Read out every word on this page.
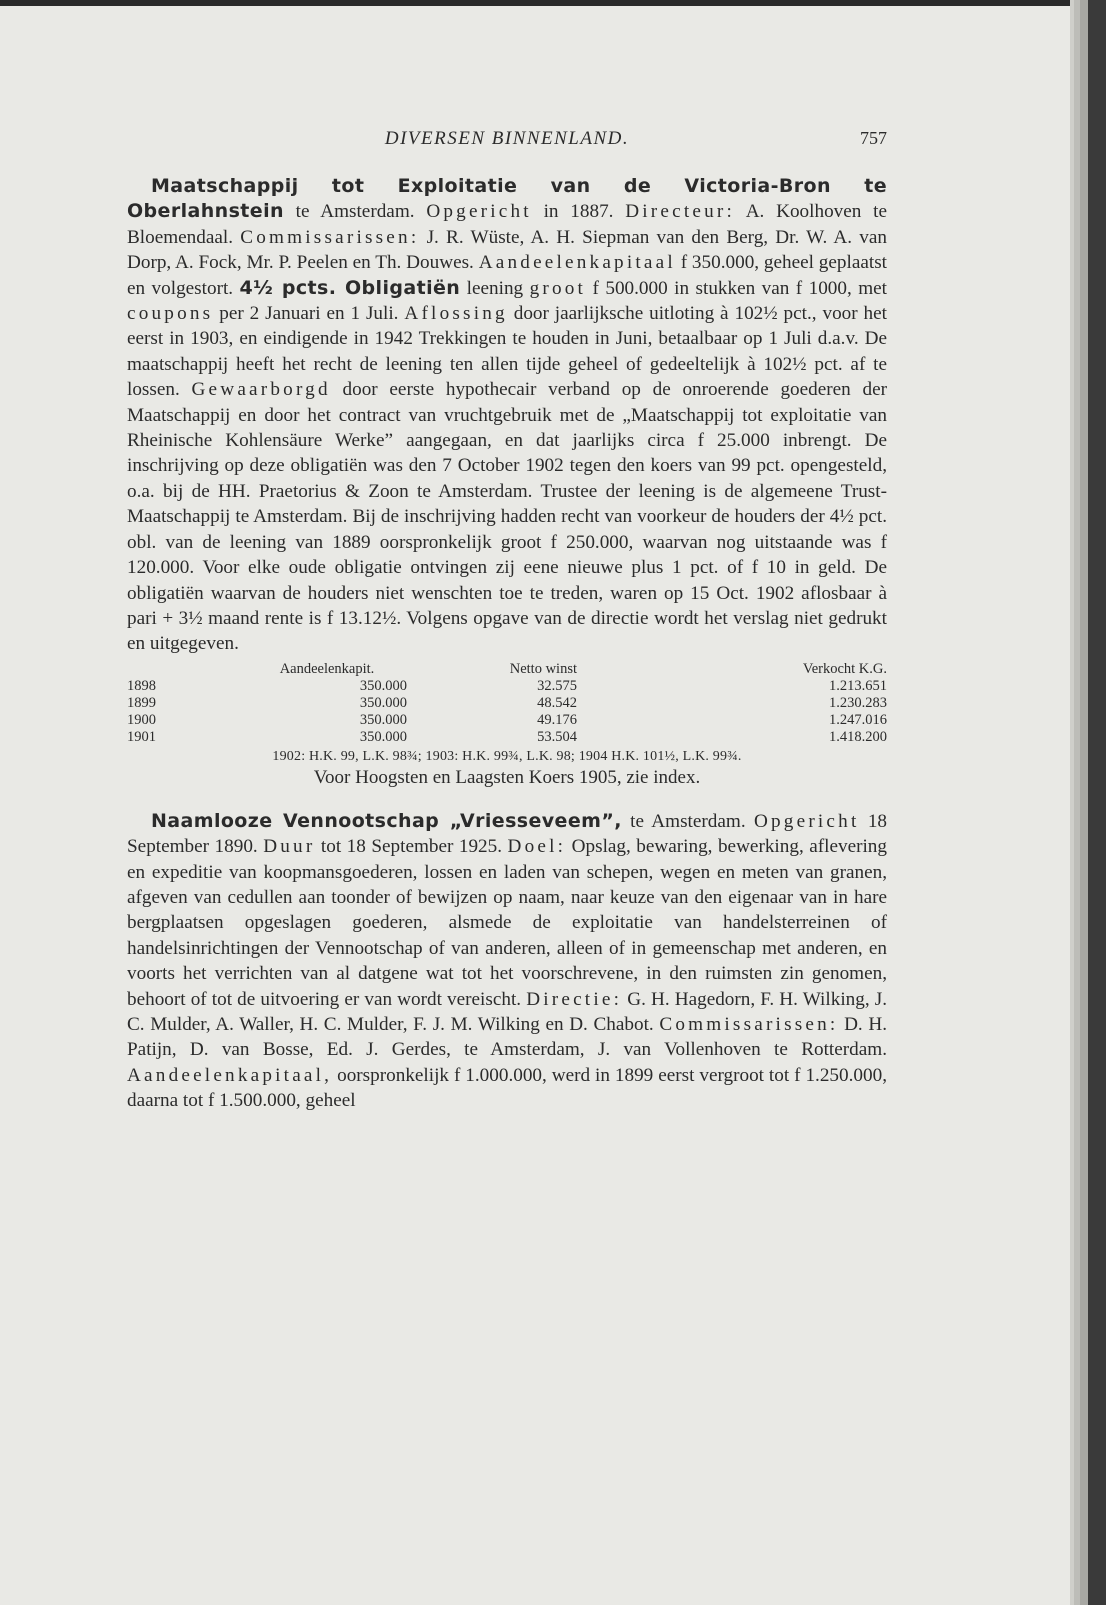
DIVERSEN BINNENLAND.	757

Maatschappij tot Exploitatie van de Victoria-Bron te Oberlahnstein te Amsterdam. Opgericht in 1887. Directeur: A. Koolhoven te Bloemendaal. Commissarissen: J. R. Wüste, A. H. Siepman van den Berg, Dr. W. A. van Dorp, A. Fock, Mr. P. Peelen en Th. Douwes. Aandeelenkapitaal f 350.000, geheel geplaatst en volgestort. 4½ pcts. Obligatiën leening groot f 500.000 in stukken van f 1000, met coupons per 2 Januari en 1 Juli. Aflossing door jaarlijksche uitloting à 102½ pct., voor het eerst in 1903, en eindigende in 1942 Trekkingen te houden in Juni, betaalbaar op 1 Juli d.a.v. De maatschappij heeft het recht de leening ten allen tijde geheel of gedeeltelijk à 102½ pct. af te lossen. Gewaarborgd door eerste hypothecair verband op de onroerende goederen der Maatschappij en door het contract van vruchtgebruik met de „Maatschappij tot exploitatie van Rheinische Kohlensäure Werke” aangegaan, en dat jaarlijks circa f 25.000 inbrengt. De inschrijving op deze obligatiën was den 7 October 1902 tegen den koers van 99 pct. opengesteld, o.a. bij de HH. Praetorius & Zoon te Amsterdam. Trustee der leening is de algemeene Trust-Maatschappij te Amsterdam. Bij de inschrijving hadden recht van voorkeur de houders der 4½ pct. obl. van de leening van 1889 oorspronkelijk groot f 250.000, waarvan nog uitstaande was f 120.000. Voor elke oude obligatie ontvingen zij eene nieuwe plus 1 pct. of f 10 in geld. De obligatiën waarvan de houders niet wenschten toe te treden, waren op 15 Oct. 1902 aflosbaar à pari + 3½ maand rente is f 13.12½. Volgens opgave van de directie wordt het verslag niet gedrukt en uitgegeven.

	Aandeelenkapit.	Netto winst	Verkocht K.G.
1898	350.000	32.575	1.213.651
1899	350.000	48.542	1.230.283
1900	350.000	49.176	1.247.016
1901	350.000	53.504	1.418.200
1902: H.K. 99, L.K. 98¾; 1903: H.K. 99¾, L.K. 98; 1904 H.K. 101½, L.K. 99¾.
Voor Hoogsten en Laagsten Koers 1905, zie index.

Naamlooze Vennootschap „Vriesseveem”, te Amsterdam. Opgericht 18 September 1890. Duur tot 18 September 1925. Doel: Opslag, bewaring, bewerking, aflevering en expeditie van koopmansgoederen, lossen en laden van schepen, wegen en meten van granen, afgeven van cedullen aan toonder of bewijzen op naam, naar keuze van den eigenaar van in hare bergplaatsen opgeslagen goederen, alsmede de exploitatie van handelsterreinen of handelsinrichtingen der Vennootschap of van anderen, alleen of in gemeenschap met anderen, en voorts het verrichten van al datgene wat tot het voorschrevene, in den ruimsten zin genomen, behoort of tot de uitvoering er van wordt vereischt. Directie: G. H. Hagedorn, F. H. Wilking, J. C. Mulder, A. Waller, H. C. Mulder, F. J. M. Wilking en D. Chabot. Commissarissen: D. H. Patijn, D. van Bosse, Ed. J. Gerdes, te Amsterdam, J. van Vollenhoven te Rotterdam. Aandeelenkapitaal, oorspronkelijk f 1.000.000, werd in 1899 eerst vergroot tot f 1.250.000, daarna tot f 1.500.000, geheel
